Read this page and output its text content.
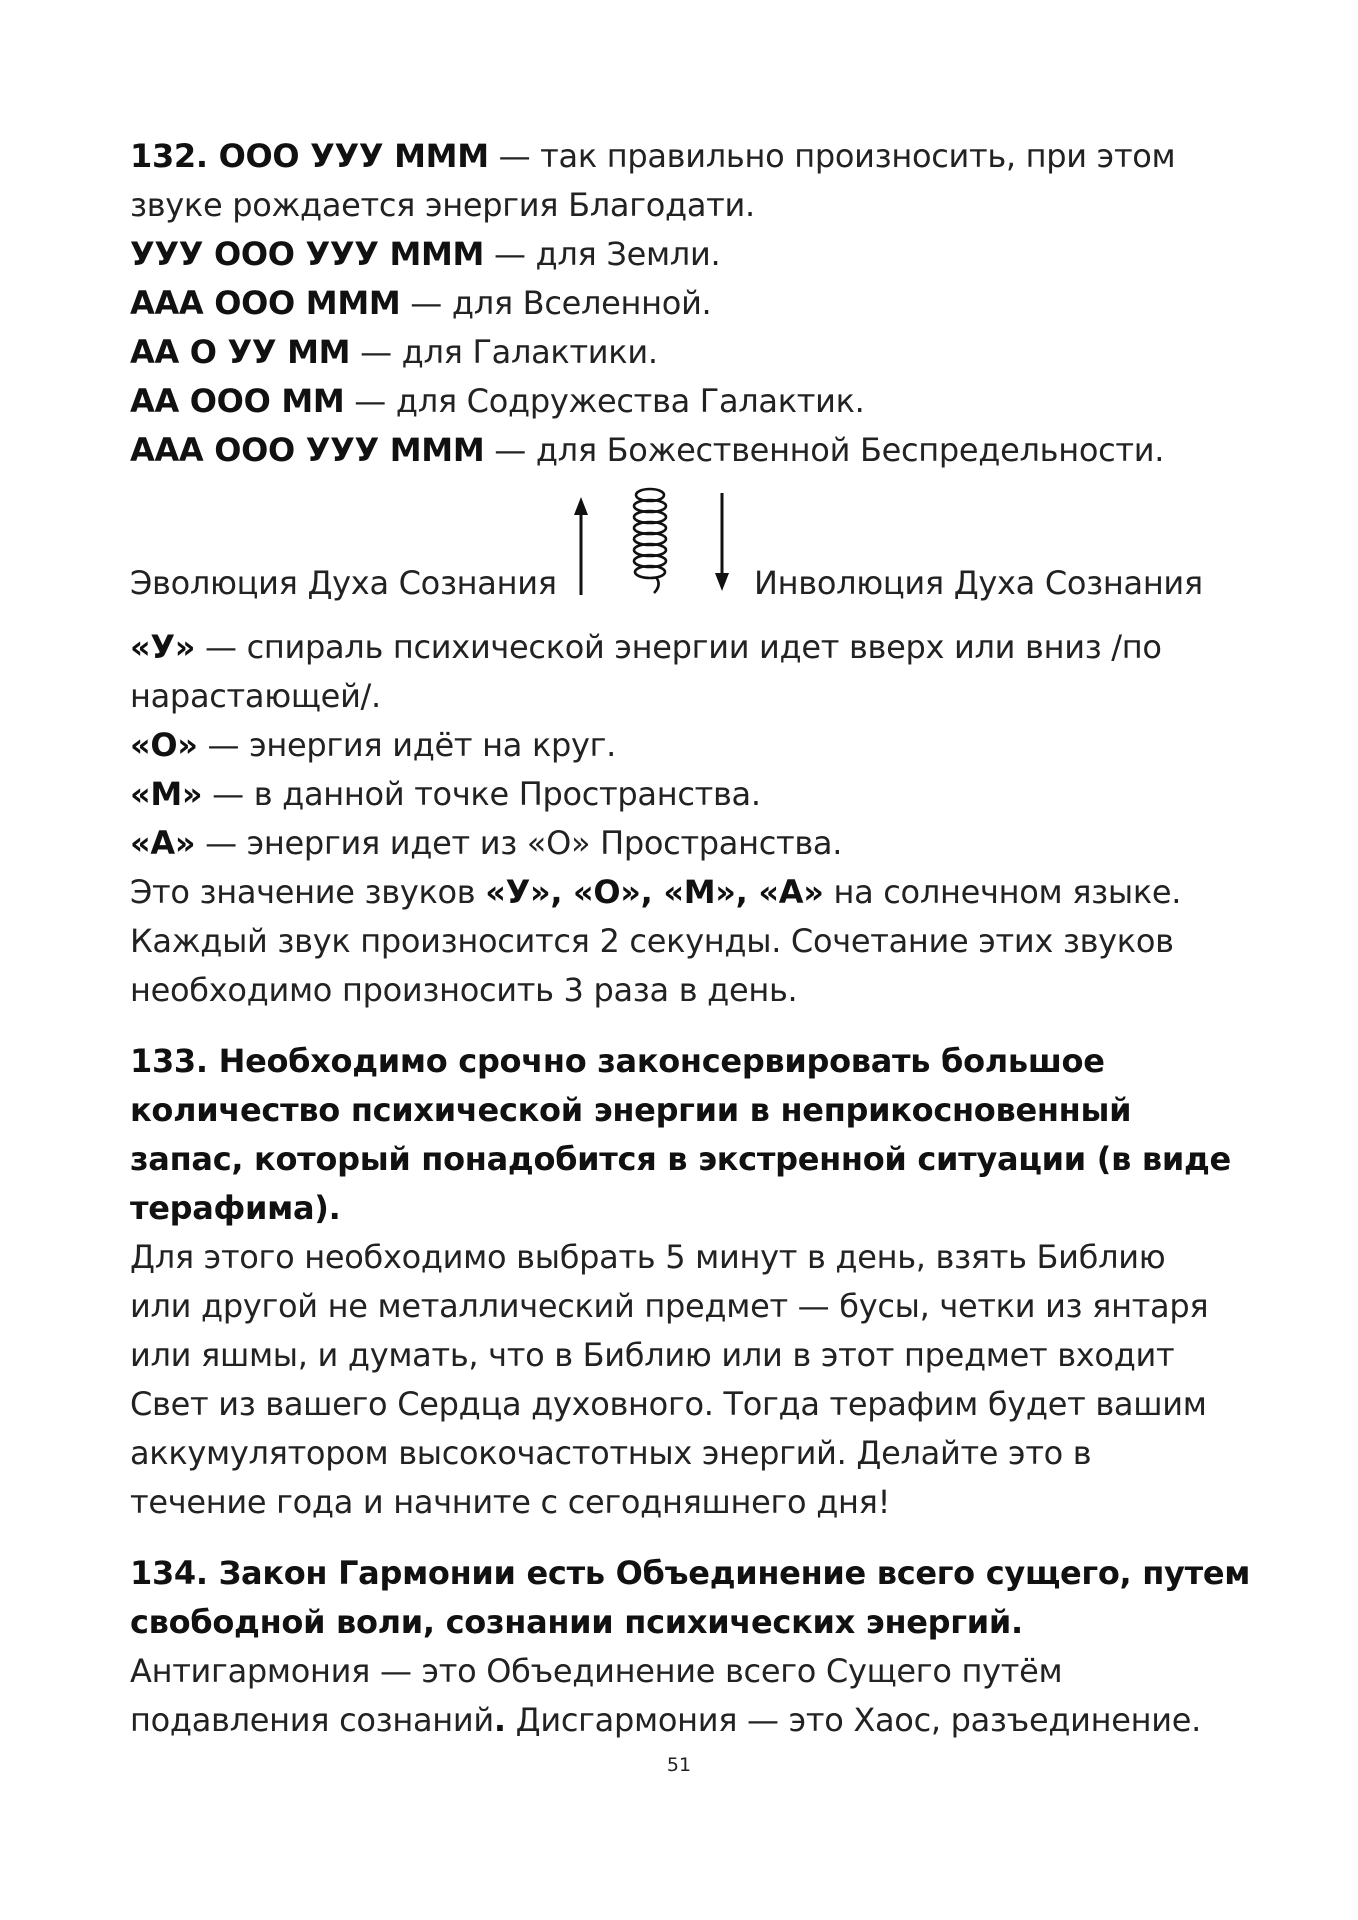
132. ООО УУУ МММ — так правильно произносить, при этом
звуке рождается энергия Благодати.
УУУ ООО УУУ МММ — для Земли.
ААА ООО МММ — для Вселенной.
АА О УУ ММ — для Галактики.
АА ООО ММ — для Содружества Галактик.
ААА ООО УУУ МММ — для Божественной Беспредельности.
Эволюция Духа Сознания	Инволюция Духа Сознания
«У» — спираль психической энергии идет вверх или вниз /по
нарастающей/.
«О» — энергия идёт на круг.
«М» — в данной точке Пространства.
«А» — энергия идет из «О» Пространства.
Это значение звуков «У», «О», «М», «А» на солнечном языке.
Каждый звук произносится 2 секунды. Сочетание этих звуков
необходимо произносить 3 раза в день.
133. Необходимо срочно законсервировать большое
количество психической энергии в неприкосновенный
запас, который понадобится в экстренной ситуации (в виде
терафима).
Для этого необходимо выбрать 5 минут в день, взять Библию
или другой не металлический предмет — бусы, четки из янтаря
или яшмы, и думать, что в Библию или в этот предмет входит
Свет из вашего Сердца духовного. Тогда терафим будет вашим
аккумулятором высокочастотных энергий. Делайте это в
течение года и начните с сегодняшнего дня!
134. Закон Гармонии есть Объединение всего сущего, путем
свободной воли, сознании психических энергий.
Антигармония — это Объединение всего Сущего путём
подавления сознаний. Дисгармония — это Хаос, разъединение.
51
